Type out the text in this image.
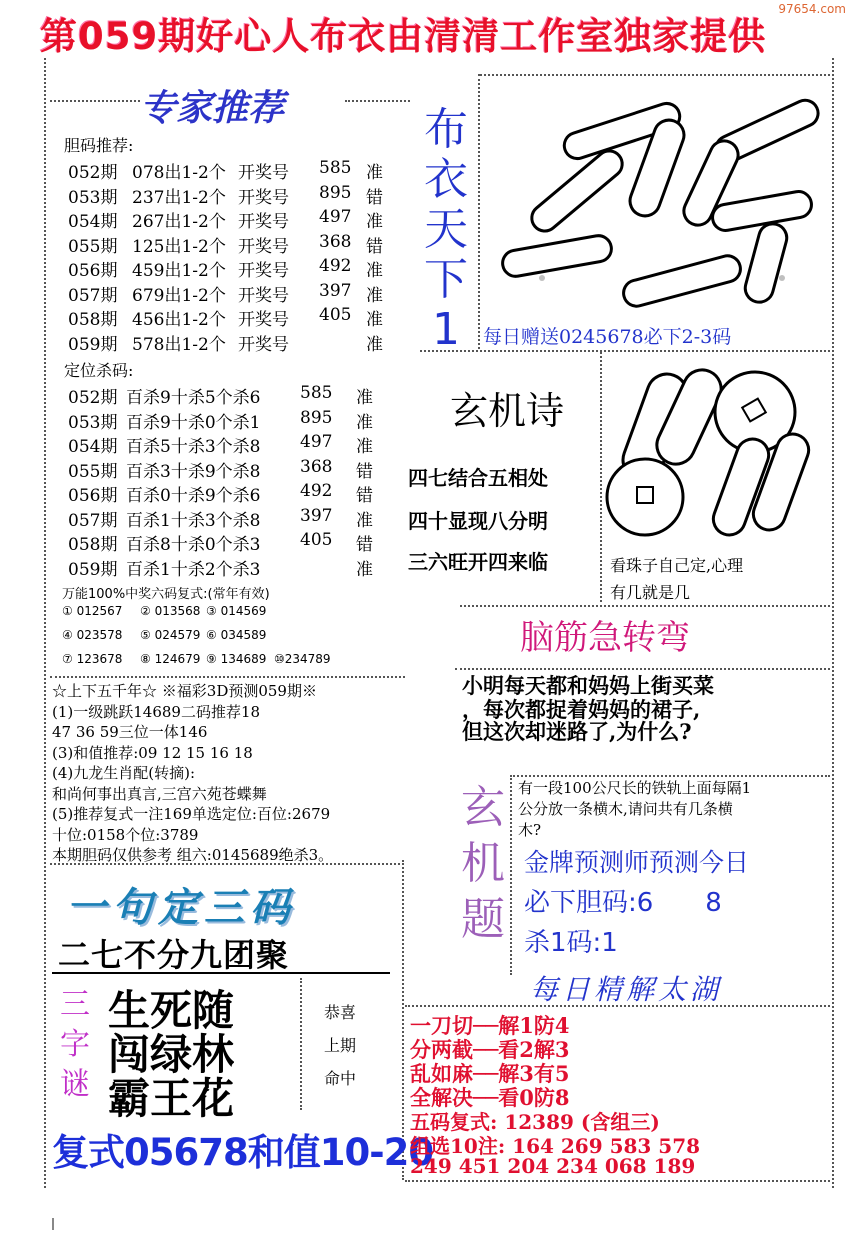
97654.com
第059期好心人布衣由清清工作室独家提供
专家推荐
胆码推荐:
052期 078出1-2个 开奖号 585 准
053期 237出1-2个 开奖号 895 错
054期 267出1-2个 开奖号 497 准
055期 125出1-2个 开奖号 368 错
056期 459出1-2个 开奖号 492 准
057期 679出1-2个 开奖号 397 准
058期 456出1-2个 开奖号 405 准
059期 578出1-2个 开奖号	准
定位杀码:
052期 百杀9十杀5个杀6 585 准
053期 百杀9十杀0个杀1 895 准
054期 百杀5十杀3个杀8 497 准
055期 百杀3十杀9个杀8 368 错
056期 百杀0十杀9个杀6 492 错
057期 百杀1十杀3个杀8 397 准
058期 百杀8十杀0个杀3 405 错
059期 百杀1十杀2个杀3	准
万能100%中奖六码复式:(常年有效)
① 012567 ② 013568 ③ 014569
④ 023578 ⑤ 024579 ⑥ 034589
⑦ 123678 ⑧ 124679 ⑨ 134689 ⑩234789
布
衣
天
下
1	每日赠送0245678必下2-3码
玄机诗
四七结合五相处
四十显现八分明
三六旺开四来临	看珠子自己定,心理
有几就是几
脑筋急转弯
小明每天都和妈妈上街买菜
，每次都捉着妈妈的裙子,
但这次却迷路了,为什么?
☆上下五千年☆ ※福彩3D预测059期※
(1)一级跳跃14689二码推荐18
47 36 59三位一体146
(3)和值推荐:09 12 15 16 18
(4)九龙生肖配(转摘):
和尚何事出真言,三宫六苑苍蝶舞
(5)推荐复式一注169单选定位:百位:2679
十位:0158个位:3789
本期胆码仅供参考 组六:0145689绝杀3。
一句定三码
二七不分九团聚
三
字
谜
生死随
闯绿林
霸王花
恭喜
上期
命中
复式05678和值10-20
玄
机
题
有一段100公尺长的铁轨上面每隔1
公分放一条横木,请问共有几条横
木?
金牌预测师预测今日
必下胆码:6　　8
杀1码:1
每日精解太湖
一刀切──解1防4
分两截──看2解3
乱如麻──解3有5
全解决──看0防8
五码复式: 12389 (含组三)
组选10注: 164 269 583 578
249 451 204 234 068 189
